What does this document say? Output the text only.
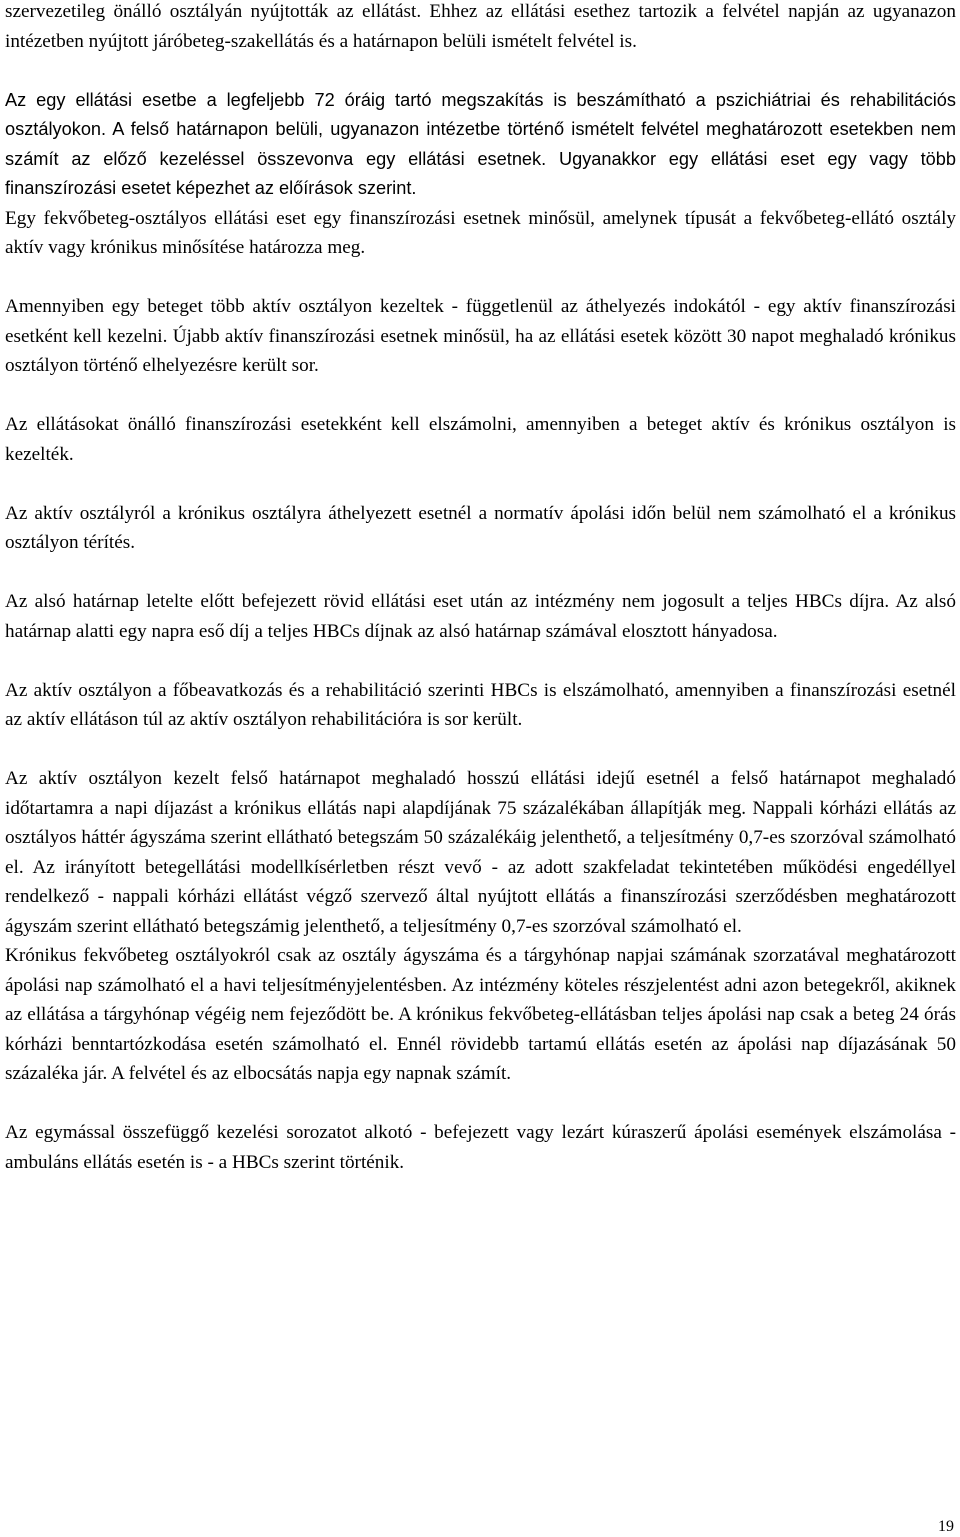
szervezetileg önálló osztályán nyújtották az ellátást. Ehhez az ellátási esethez tartozik a felvétel napján az ugyanazon intézetben nyújtott járóbeteg-szakellátás és a határnapon belüli ismételt felvétel is.

Az egy ellátási esetbe a legfeljebb 72 óráig tartó megszakítás is beszámítható a pszichiátriai és rehabilitációs osztályokon. A felső határnapon belüli, ugyanazon intézetbe történő ismételt felvétel meghatározott esetekben nem számít az előző kezeléssel összevonva egy ellátási esetnek. Ugyanakkor egy ellátási eset egy vagy több finanszírozási esetet képezhet az előírások szerint.

Egy fekvőbeteg-osztályos ellátási eset egy finanszírozási esetnek minősül, amelynek típusát a fekvőbeteg-ellátó osztály aktív vagy krónikus minősítése határozza meg.

Amennyiben egy beteget több aktív osztályon kezeltek - függetlenül az áthelyezés indokától - egy aktív finanszírozási esetként kell kezelni. Újabb aktív finanszírozási esetnek minősül, ha az ellátási esetek között 30 napot meghaladó krónikus osztályon történő elhelyezésre került sor.

Az ellátásokat önálló finanszírozási esetekként kell elszámolni, amennyiben a beteget aktív és krónikus osztályon is kezelték.

Az aktív osztályról a krónikus osztályra áthelyezett esetnél a normatív ápolási időn belül nem számolható el a krónikus osztályon térítés.

Az alsó határnap letelte előtt befejezett rövid ellátási eset után az intézmény nem jogosult a teljes HBCs díjra. Az alsó határnap alatti egy napra eső díj a teljes HBCs díjnak az alsó határnap számával elosztott hányadosa.

Az aktív osztályon a főbeavatkozás és a rehabilitáció szerinti HBCs is elszámolható, amennyiben a finanszírozási esetnél az aktív ellátáson túl az aktív osztályon rehabilitációra is sor került.

Az aktív osztályon kezelt felső határnapot meghaladó hosszú ellátási idejű esetnél a felső határnapot meghaladó időtartamra a napi díjazást a krónikus ellátás napi alapdíjának 75 százalékában állapítják meg. Nappali kórházi ellátás az osztályos háttér ágyszáma szerint ellátható betegszám 50 százalékáig jelenthető, a teljesítmény 0,7-es szorzóval számolható el. Az irányított betegellátási modellkísérletben részt vevő - az adott szakfeladat tekintetében működési engedéllyel rendelkező - nappali kórházi ellátást végző szervező által nyújtott ellátás a finanszírozási szerződésben meghatározott ágyszám szerint ellátható betegszámig jelenthető, a teljesítmény 0,7-es szorzóval számolható el.

Krónikus fekvőbeteg osztályokról csak az osztály ágyszáma és a tárgyhónap napjai számának szorzatával meghatározott ápolási nap számolható el a havi teljesítményjelentésben. Az intézmény köteles részjelentést adni azon betegekről, akiknek az ellátása a tárgyhónap végéig nem fejeződött be. A krónikus fekvőbeteg-ellátásban teljes ápolási nap csak a beteg 24 órás kórházi benntartózkodása esetén számolható el. Ennél rövidebb tartamú ellátás esetén az ápolási nap díjazásának 50 százaléka jár. A felvétel és az elbocsátás napja egy napnak számít.

Az egymással összefüggő kezelési sorozatot alkotó - befejezett vagy lezárt kúraszerű ápolási események elszámolása - ambuláns ellátás esetén is - a HBCs szerint történik.

19
